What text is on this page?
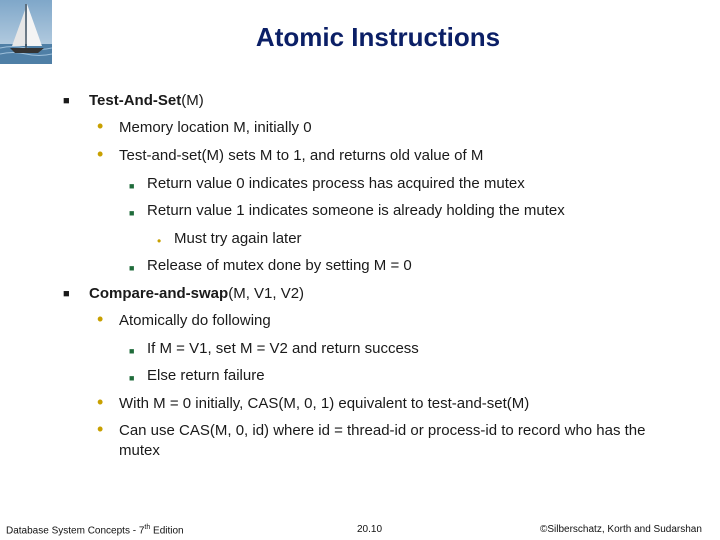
Atomic Instructions
■ Test-And-Set(M)
• Memory location M, initially 0
• Test-and-set(M) sets M to 1, and returns old value of M
■ Return value 0 indicates process has acquired the mutex
■ Return value 1 indicates someone is already holding the mutex
• Must try again later
■ Release of mutex done by setting M = 0
■ Compare-and-swap(M, V1, V2)
• Atomically do following
■ If M = V1, set M = V2 and return success
■ Else return failure
• With M = 0 initially, CAS(M, 0, 1) equivalent to test-and-set(M)
• Can use CAS(M, 0, id) where id = thread-id or process-id to record who has the mutex
Database System Concepts - 7th Edition	20.10	©Silberschatz, Korth and Sudarshan
